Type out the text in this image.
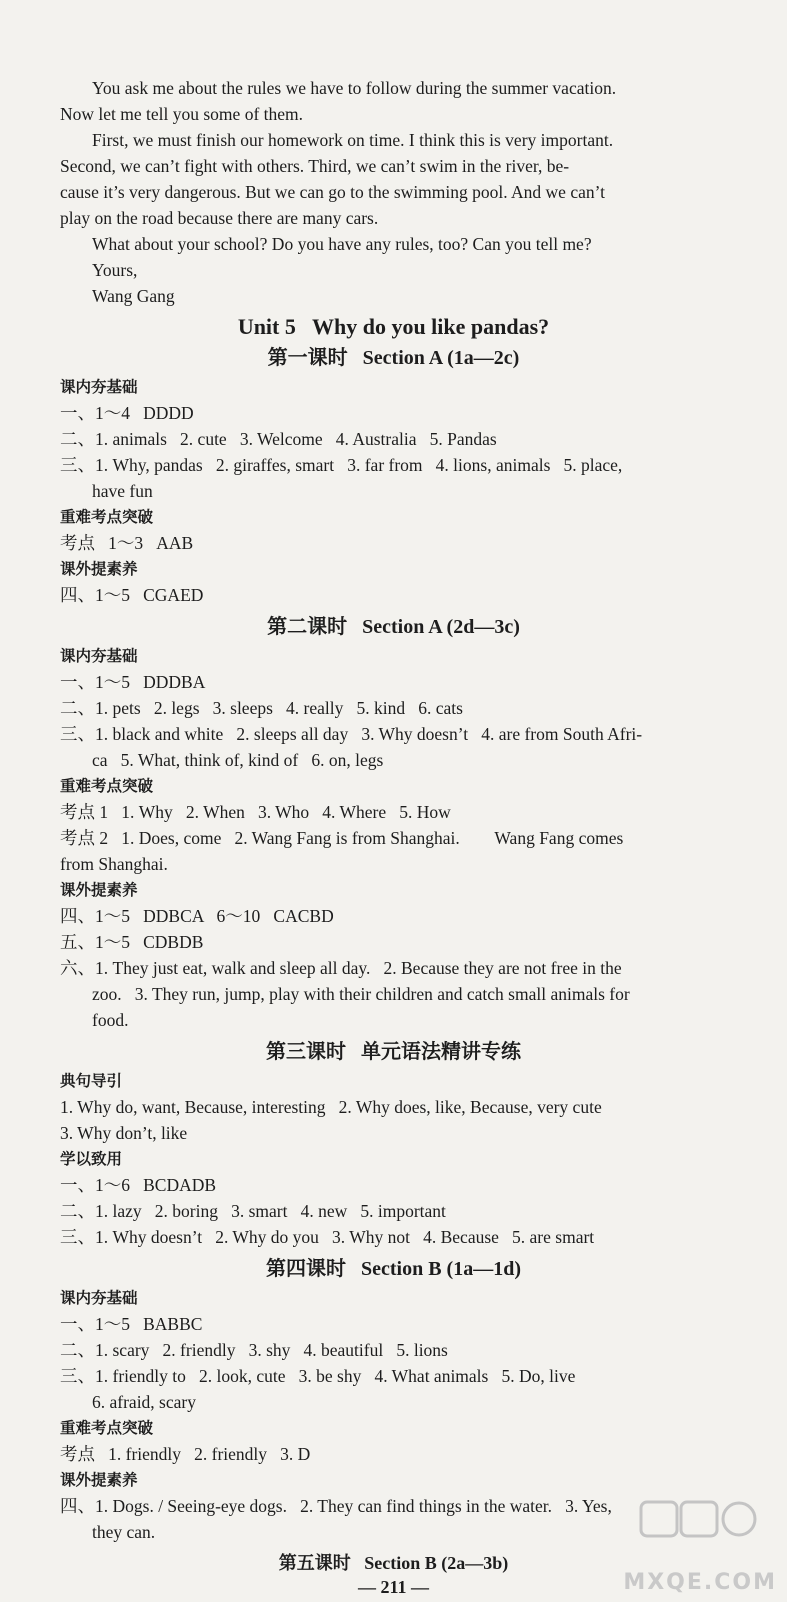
You ask me about the rules we have to follow during the summer vacation.
Now let me tell you some of them.
First, we must finish our homework on time. I think this is very important.
Second, we can’t fight with others. Third, we can’t swim in the river, be-
cause it’s very dangerous. But we can go to the swimming pool. And we can’t
play on the road because there are many cars.
What about your school? Do you have any rules, too? Can you tell me?
Yours,
Wang Gang
Unit 5   Why do you like pandas?
第一课时   Section A (1a—2c)
课内夯基础
一、1～4   DDDD
二、1. animals   2. cute   3. Welcome   4. Australia   5. Pandas
三、1. Why, pandas   2. giraffes, smart   3. far from   4. lions, animals   5. place,
have fun
重难考点突破
考点   1～3   AAB
课外提素养
四、1～5   CGAED
第二课时   Section A (2d—3c)
课内夯基础
一、1～5   DDDBA
二、1. pets   2. legs   3. sleeps   4. really   5. kind   6. cats
三、1. black and white   2. sleeps all day   3. Why doesn’t   4. are from South Afri-
ca   5. What, think of, kind of   6. on, legs
重难考点突破
考点 1   1. Why   2. When   3. Who   4. Where   5. How
考点 2   1. Does, come   2. Wang Fang is from Shanghai.        Wang Fang comes
from Shanghai.
课外提素养
四、1～5   DDBCA   6～10   CACBD
五、1～5   CDBDB
六、1. They just eat, walk and sleep all day.   2. Because they are not free in the
zoo.   3. They run, jump, play with their children and catch small animals for
food.
第三课时   单元语法精讲专练
典句导引
1. Why do, want, Because, interesting   2. Why does, like, Because, very cute
3. Why don’t, like
学以致用
一、1～6   BCDADB
二、1. lazy   2. boring   3. smart   4. new   5. important
三、1. Why doesn’t   2. Why do you   3. Why not   4. Because   5. are smart
第四课时   Section B (1a—1d)
课内夯基础
一、1～5   BABBC
二、1. scary   2. friendly   3. shy   4. beautiful   5. lions
三、1. friendly to   2. look, cute   3. be shy   4. What animals   5. Do, live
6. afraid, scary
重难考点突破
考点   1. friendly   2. friendly   3. D
课外提素养
四、1. Dogs. / Seeing-eye dogs.   2. They can find things in the water.   3. Yes,
they can.
第五课时   Section B (2a—3b)
— 211 —	MXQE.COM
